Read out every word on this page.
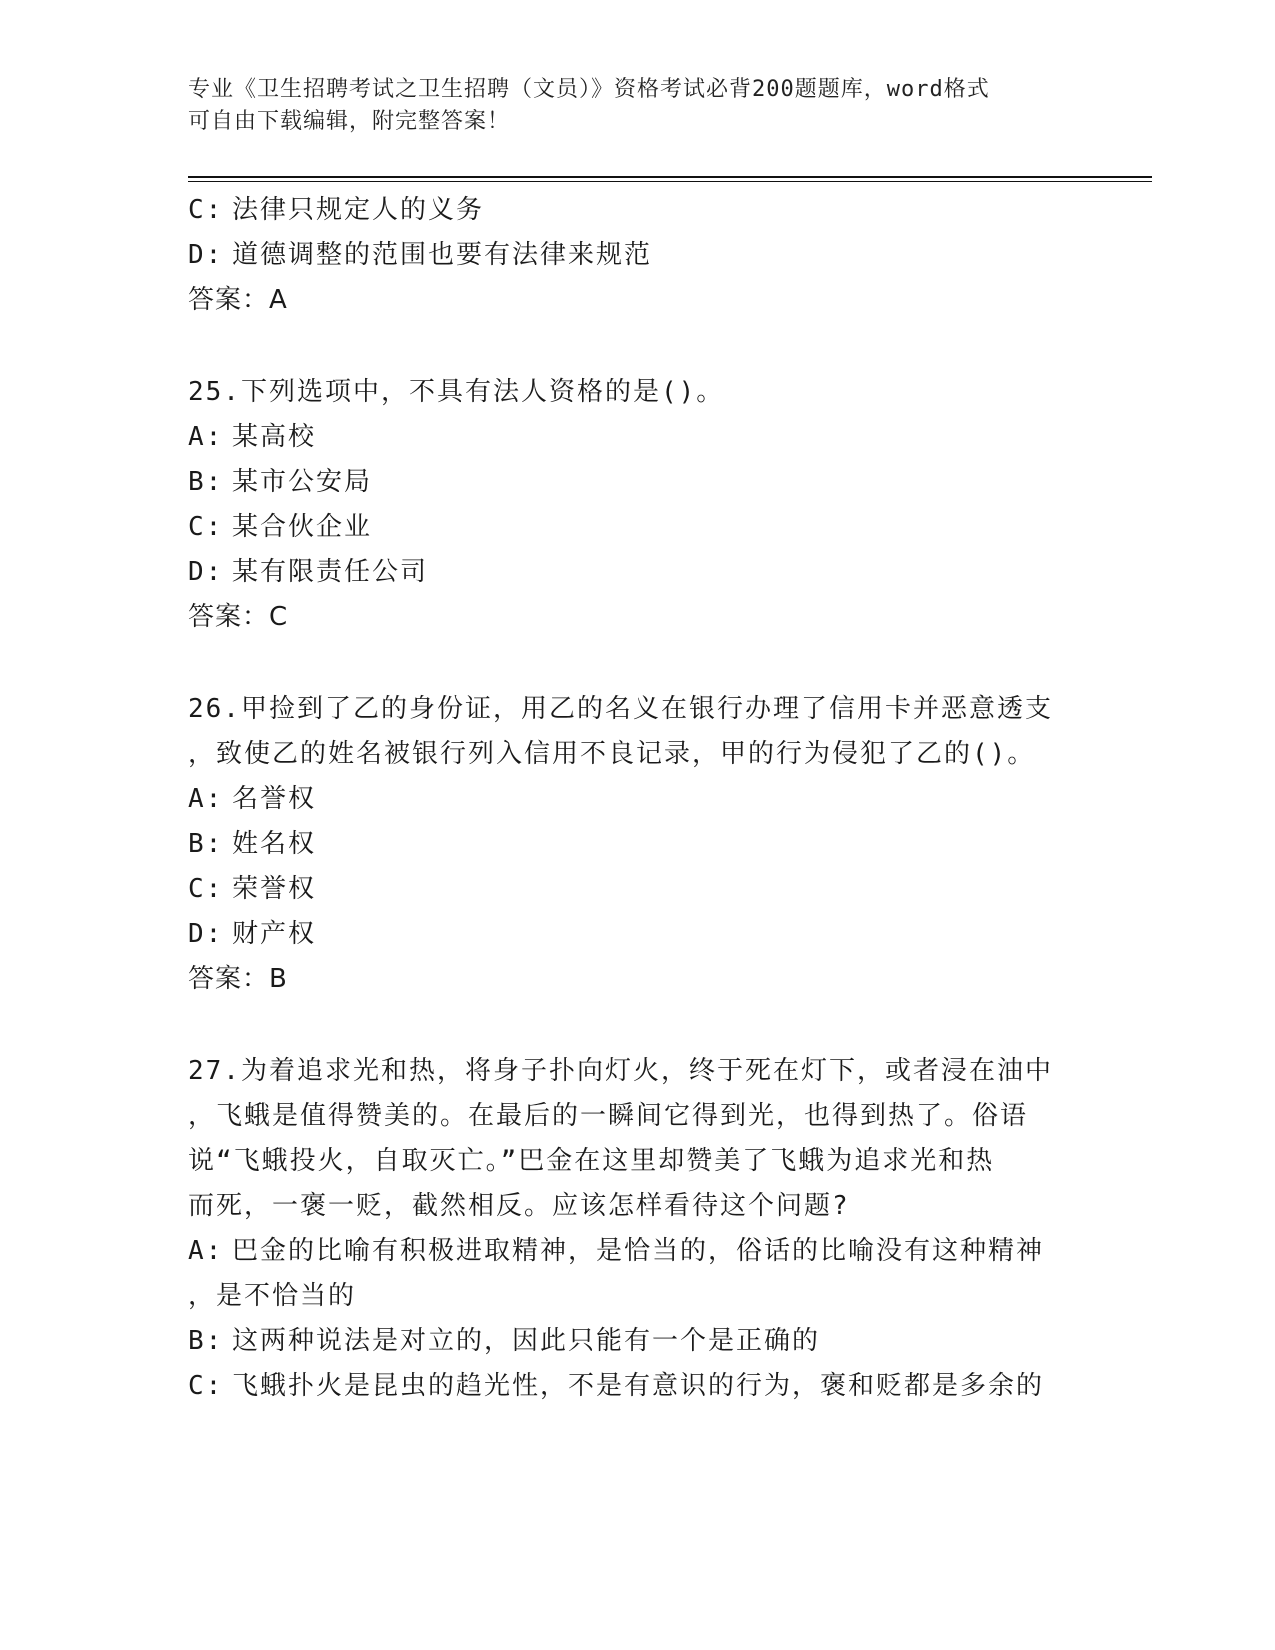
专业《卫生招聘考试之卫生招聘（文员）》资格考试必背200题题库，word格式
可自由下载编辑，附完整答案！
C: 法律只规定人的义务
D: 道德调整的范围也要有法律来规范
答案：A
25.下列选项中，不具有法人资格的是()。
A: 某高校
B: 某市公安局
C: 某合伙企业
D: 某有限责任公司
答案：C
26.甲捡到了乙的身份证，用乙的名义在银行办理了信用卡并恶意透支
，致使乙的姓名被银行列入信用不良记录，甲的行为侵犯了乙的()。
A: 名誉权
B: 姓名权
C: 荣誉权
D: 财产权
答案：B
27.为着追求光和热，将身子扑向灯火，终于死在灯下，或者浸在油中
，飞蛾是值得赞美的。在最后的一瞬间它得到光，也得到热了。俗语
说“飞蛾投火，自取灭亡。”巴金在这里却赞美了飞蛾为追求光和热
而死，一褒一贬，截然相反。应该怎样看待这个问题?
A: 巴金的比喻有积极进取精神，是恰当的，俗话的比喻没有这种精神
，是不恰当的
B: 这两种说法是对立的，因此只能有一个是正确的
C: 飞蛾扑火是昆虫的趋光性，不是有意识的行为，褒和贬都是多余的
